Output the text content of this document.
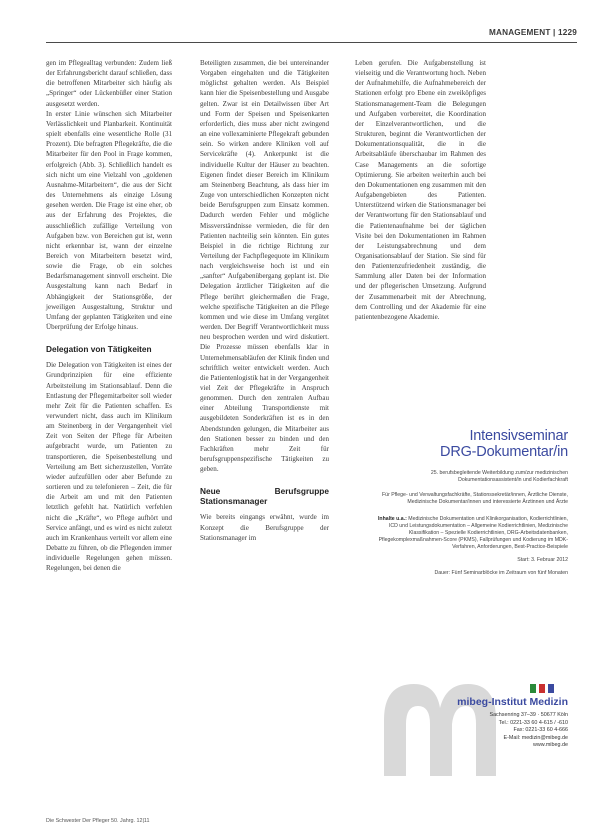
MANAGEMENT | 1229

gen im Pflegealltag verbunden: Zudem ließ der Erfahrungsbericht darauf schließen, dass die betroffenen Mitarbeiter sich häufig als „Springer“ oder Lückenbüßer einer Station ausgesetzt werden.

In erster Linie wünschen sich Mitarbeiter Verlässlichkeit und Planbarkeit. Kontinuität spielt ebenfalls eine wesentliche Rolle (31 Prozent). Die befragten Pflegekräfte, die die Mitarbeiter für den Pool in Frage kommen, erfolgreich (Abb. 3). Schließlich handelt es sich nicht um eine Vielzahl von „goldenen Ausnahme-Mitarbeitern“, die aus der Sicht des Unternehmens als einzige Lösung gesehen werden. Die Frage ist eine eher, ob aus der Erfahrung des Projektes, die ausschließlich zufällige Verteilung von Aufgaben bzw. von Bereichen gut ist, wenn nicht erkennbar ist, wann der einzelne Bereich von Mitarbeitern besetzt wird, sowie die Frage, ob ein solches Bedarfsmanagement sinnvoll erscheint. Die Ausgestaltung kann nach Bedarf in Abhängigkeit der Stationsgröße, der jeweiligen Ausgestaltung, Struktur und Umfang der geplanten Tätigkeiten und eine Überprüfung der Erfolge hinaus.

Delegation von Tätigkeiten

Die Delegation von Tätigkeiten ist eines der Grundprinzipien für eine effiziente Arbeitsteilung im Stationsablauf. Denn die Entlastung der Pflegemitarbeiter soll wieder mehr Zeit für die Patienten schaffen. Es verwundert nicht, dass auch im Klinikum am Steinenberg in der Vergangenheit viel Zeit von Seiten der Pflege für Arbeiten aufgebracht wurde, um Patienten zu transportieren, die Speisenbestellung und Verteilung am Bett sicherzustellen, Vorräte wieder aufzufüllen oder aber Befunde zu sortieren und zu telefonieren – Zeit, die für die Arbeit am und mit den Patienten letztlich gefehlt hat. Natürlich verfehlen nicht die „Kräfte“, wo Pflege aufhört und Service anfängt, und es wird es nicht zuletzt auch im Krankenhaus verteilt vor allem eine Debatte zu führen, ob die Pflegenden immer individuelle Regelungen gehen müssen. Regelungen, bei denen die

Beteiligten zusammen, die bei untereinander Vorgaben eingehalten und die Tätigkeiten möglichst gehalten werden. Als Beispiel kann hier die Speisenbestellung und Ausgabe gelten. Zwar ist ein Detailwissen über Art und Form der Speisen und Speisenkarten erforderlich, dies muss aber nicht zwingend an eine vollexaminierte Pflegekraft gebunden sein. So wirken andere Kliniken voll auf Servicekräfte (4). Ankerpunkt ist die individuelle Kultur der Häuser zu beachten. Eigenen findet dieser Bereich im Klinikum am Steinenberg Beachtung, als dass hier im Zuge von unterschiedlichen Konzepten nicht beide Berufsgruppen zum Einsatz kommen. Dadurch werden Fehler und mögliche Missverständnisse vermieden, die für den Patienten nachteilig sein könnten. Ein gutes Beispiel in die richtige Richtung zur Verteilung der Fachpflegequote im Klinikum nach vergleichsweise hoch ist und ein „sanfter“ Aufgabenübergang geplant ist. Die Delegation ärztlicher Tätigkeiten auf die Pflege berührt gleichermaßen die Frage, welche spezifische Tätigkeiten an die Pflege kommen und wie diese im Umfang vergütet werden. Der Begriff Verantwortlichkeit muss neu besprochen werden und wird diskutiert. Die Prozesse müssen ebenfalls klar in Unternehmensabläufen der Klinik finden und schriftlich weiter entwickelt werden. Auch die Patientenlogistik hat in der Vergangenheit viel Zeit der Pflegekräfte in Anspruch genommen. Durch den zentralen Aufbau einer Abteilung Transportdienste mit ausgebildeten Sonderkräften ist es in den Abendstunden gelungen, die Mitarbeiter aus den Stationen besser zu binden und den Fachkräften mehr Zeit für berufsgruppenspezifische Tätigkeiten zu geben.

Neue Berufsgruppe Stationsmanager

Wie bereits eingangs erwähnt, wurde im Konzept die Berufsgruppe der Stationsmanager im

Leben gerufen. Die Aufgabenstellung ist vielseitig und die Verantwortung hoch. Neben der Aufnahmehilfe, die Aufnahmebereich der Stationen erfolgt pro Ebene ein zweiköpfiges Stationsmanagement-Team die Belegungen und Aufgaben vorbereitet, die Koordination der Einzelverantwortlichen, und die Strukturen, beginnt die Verantwortlichen der Dokumentationsqualität, die in die Arbeitsabläufe überschaubar im Rahmen des Case Managements an die sofortige Optimierung. Sie arbeiten weiterhin auch bei den Dokumentationen eng zusammen mit den Aufgabengebieten des Patienten. Unterstützend wirken die Stationsmanager bei der Verantwortung für den Stationsablauf und die Patientenaufnahme bei der täglichen Visite bei den Dokumentationen im Rahmen der Leistungsabrechnung und dem Organisationsablauf der Station. Sie sind für den Patientenzufriedenheit zuständig, die Sammlung aller Daten bei der Information und der pflegerischen Umsetzung. Aufgrund der Zusammenarbeit mit der Abrechnung, dem Controlling und der Akademie für eine patientenbezogene Akademie.

Intensivseminar
DRG-Dokumentar/in
25. berufsbegleitende Weiterbildung zum/zur medizinischen Dokumentationsassistent/in und Kodierfachkraft
Für Pflege- und Verwaltungsfachkräfte, Stationssekretär/innen, Ärztliche Dienste, Medizinische Dokumentar/innen und interessierte Ärztinnen und Ärzte
Inhalte u.a.: Medizinische Dokumentation und Klinikorganisation, Kodierrichtlinien, ICD und Leistungsdokumentation – Allgemeine Kodierrichtlinien, Medizinische Klassifikation – Spezielle Kodierrichtlinien, DRG-Arbeitsdatenbanken, Pflegekomplexmaßnahmen-Score (PKMS), Fallprüfungen und Kodierung im MDK-Verfahren, Anforderungen, Best-Practice-Beispiele
Start: 3. Februar 2012
Dauer: Fünf Seminarblöcke im Zeitraum von fünf Monaten
mibeg-Institut Medizin
Sachsenring 37–39 · 50677 Köln
Tel.: 0221-33 60 4-615 / -610
Fax: 0221-33 60 4-666
E-Mail: medizin@mibeg.de
www.mibeg.de
Die Schwester Der Pfleger 50. Jahrg. 12|11
